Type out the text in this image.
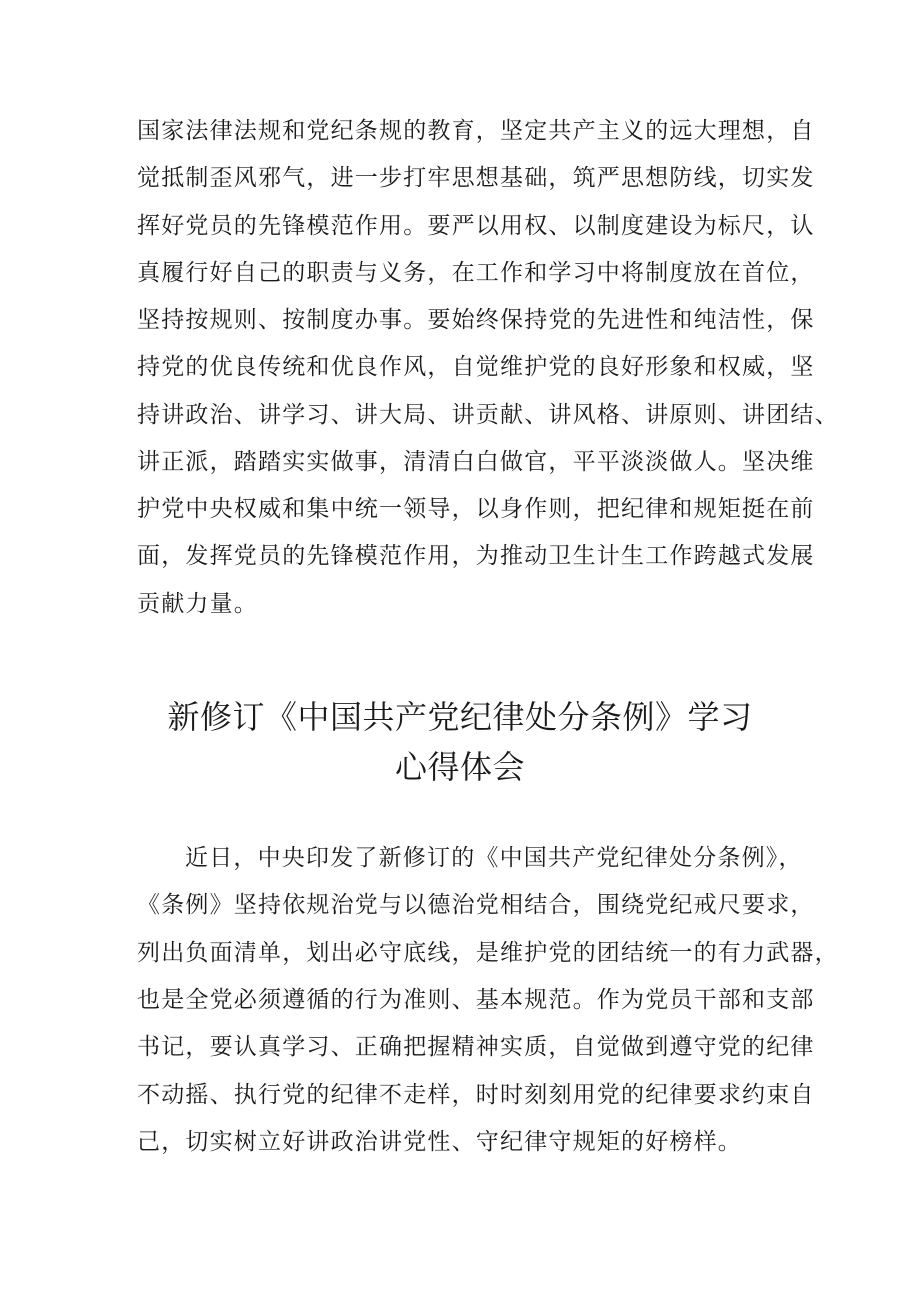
国家法律法规和党纪条规的教育，坚定共产主义的远大理想，自

觉抵制歪风邪气，进一步打牢思想基础，筑严思想防线，切实发

挥好党员的先锋模范作用。要严以用权、以制度建设为标尺，认

真履行好自己的职责与义务，在工作和学习中将制度放在首位，

坚持按规则、按制度办事。要始终保持党的先进性和纯洁性，保

持党的优良传统和优良作风，自觉维护党的良好形象和权威，坚

持讲政治、讲学习、讲大局、讲贡献、讲风格、讲原则、讲团结、

讲正派，踏踏实实做事，清清白白做官，平平淡淡做人。坚决维

护党中央权威和集中统一领导，以身作则，把纪律和规矩挺在前

面，发挥党员的先锋模范作用，为推动卫生计生工作跨越式发展

贡献力量。

新修订《中国共产党纪律处分条例》学习
心得体会

近日，中央印发了新修订的《中国共产党纪律处分条例》，

《条例》坚持依规治党与以德治党相结合，围绕党纪戒尺要求，

列出负面清单，划出必守底线，是维护党的团结统一的有力武器，

也是全党必须遵循的行为准则、基本规范。作为党员干部和支部

书记，要认真学习、正确把握精神实质，自觉做到遵守党的纪律

不动摇、执行党的纪律不走样，时时刻刻用党的纪律要求约束自

己，切实树立好讲政治讲党性、守纪律守规矩的好榜样。
